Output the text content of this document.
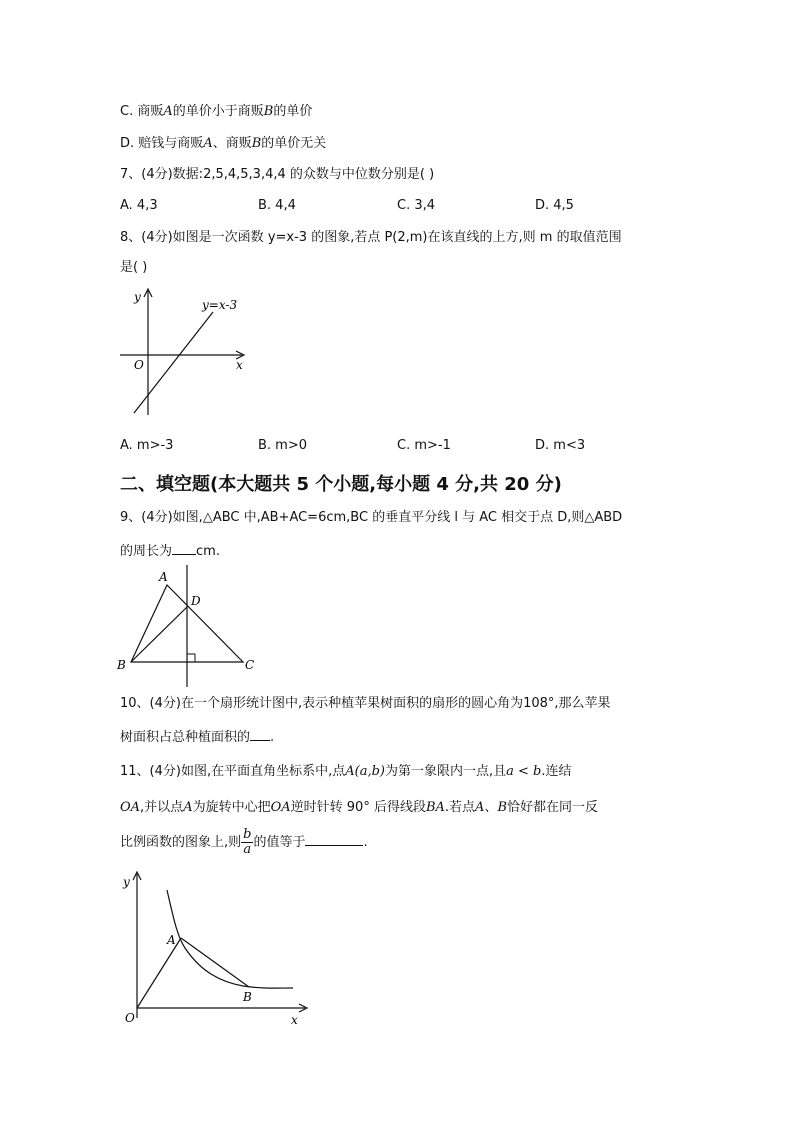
C. 商贩A的单价小于商贩B的单价
D. 赔钱与商贩A、商贩B的单价无关
7、(4分)数据:2,5,4,5,3,4,4 的众数与中位数分别是( )
A. 4,3	B. 4,4	C. 3,4	D. 4,5
8、(4分)如图是一次函数 y=x-3 的图象,若点 P(2,m)在该直线的上方,则 m 的取值范围
是( )
y
x
O
y=x-3
A. m>-3	B. m>0	C. m>-1	D. m<3
二、填空题(本大题共 5 个小题,每小题 4 分,共 20 分)
9、(4分)如图,△ABC 中,AB+AC=6cm,BC 的垂直平分线 l 与 AC 相交于点 D,则△ABD
的周长为 cm.
A
B	C
D
10、(4分)在一个扇形统计图中,表示种植苹果树面积的扇形的圆心角为108°,那么苹果
树面积占总种植面积的 .
11、(4分)如图,在平面直角坐标系中,点A(a,b)为第一象限内一点,且a < b.连结
OA,并以点A为旋转中心把OA逆时针转 90° 后得线段BA.若点A、B恰好都在同一反
比例函数的图象上,则 $\frac{b}{a}$ 的值等于	.
y
x
O
A
B
